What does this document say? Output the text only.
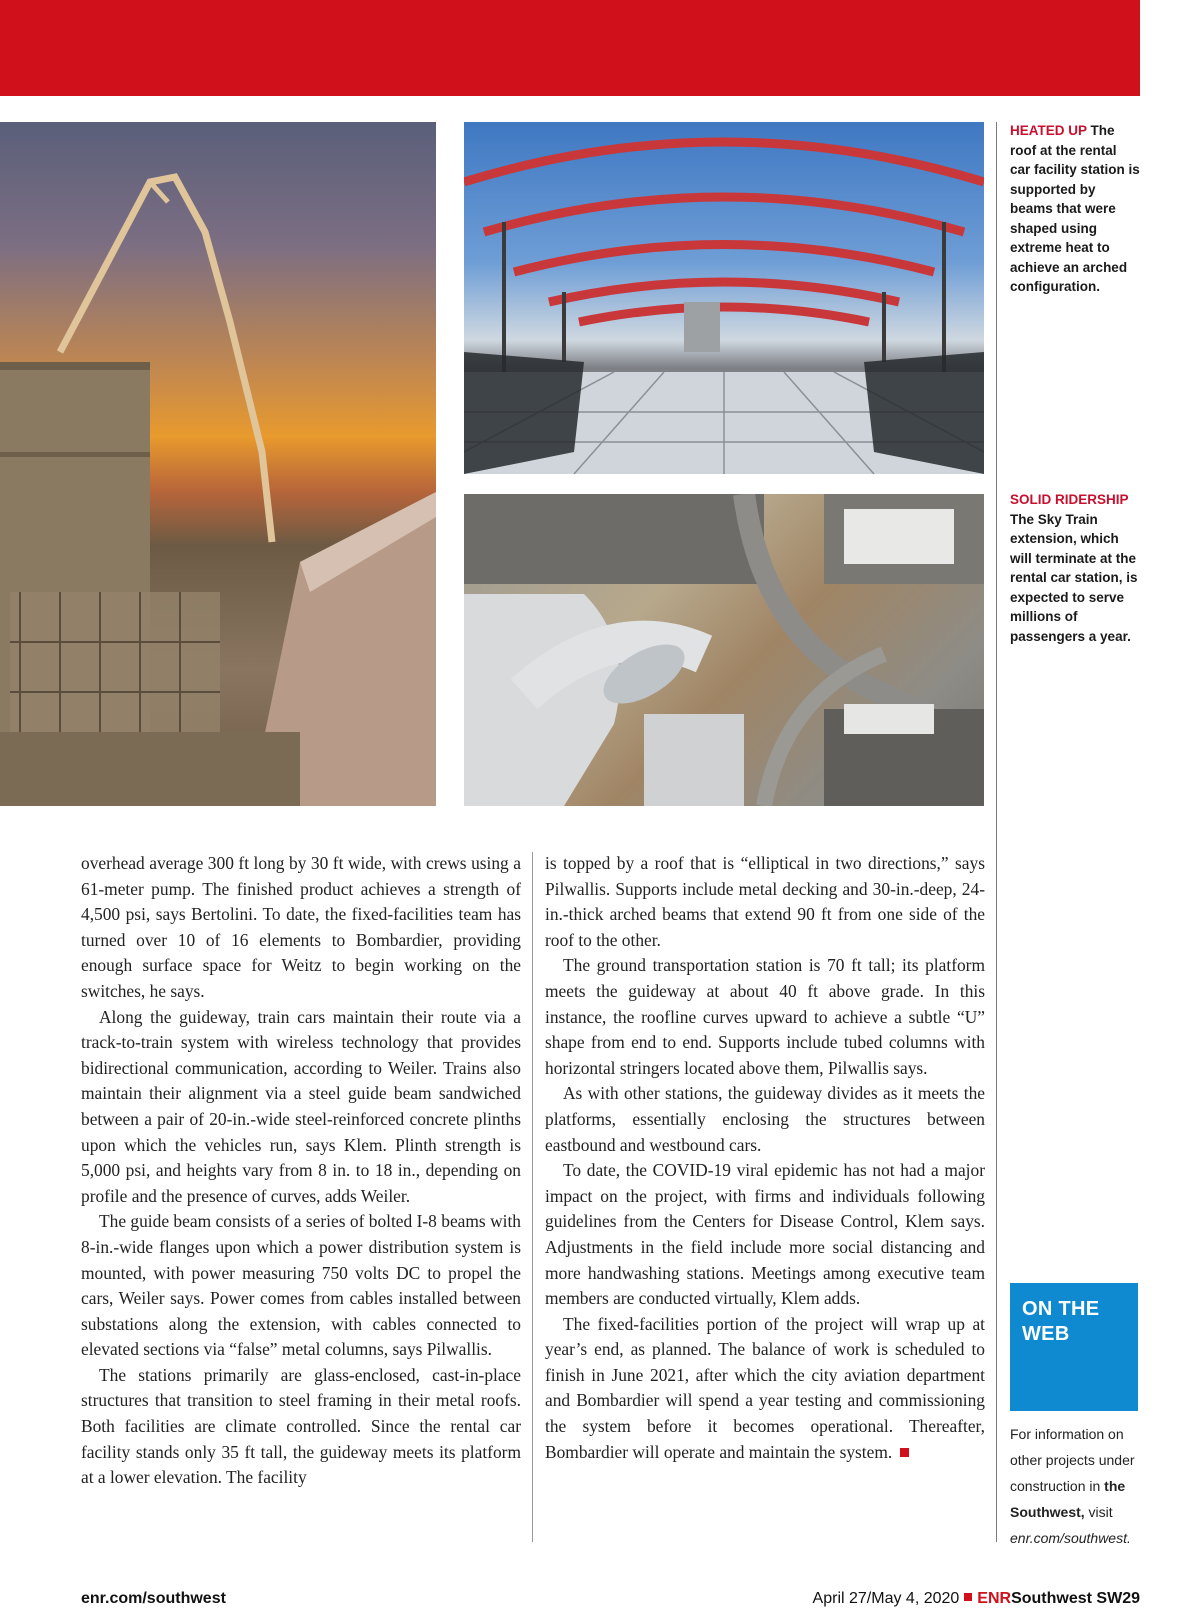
HEATED UP The roof at the rental car facility station is supported by beams that were shaped using extreme heat to achieve an arched configuration.
SOLID RIDERSHIP The Sky Train extension, which will terminate at the rental car station, is expected to serve millions of passengers a year.

overhead average 300 ft long by 30 ft wide, with crews using a 61-meter pump. The finished product achieves a strength of 4,500 psi, says Bertolini. To date, the fixed-facilities team has turned over 10 of 16 elements to Bombardier, providing enough surface space for Weitz to begin working on the switches, he says.

Along the guideway, train cars maintain their route via a track-to-train system with wireless technology that provides bidirectional communication, according to Weiler. Trains also maintain their alignment via a steel guide beam sandwiched between a pair of 20-in.-wide steel-reinforced concrete plinths upon which the vehicles run, says Klem. Plinth strength is 5,000 psi, and heights vary from 8 in. to 18 in., depending on profile and the presence of curves, adds Weiler.

The guide beam consists of a series of bolted I-8 beams with 8-in.-wide flanges upon which a power distribution system is mounted, with power measuring 750 volts DC to propel the cars, Weiler says. Power comes from cables installed between substations along the extension, with cables connected to elevated sections via “false” metal columns, says Pilwallis.

The stations primarily are glass-enclosed, cast-in-place structures that transition to steel framing in their metal roofs. Both facilities are climate controlled. Since the rental car facility stands only 35 ft tall, the guideway meets its platform at a lower elevation. The facility

is topped by a roof that is “elliptical in two directions,” says Pilwallis. Supports include metal decking and 30-in.-deep, 24-in.-thick arched beams that extend 90 ft from one side of the roof to the other.

The ground transportation station is 70 ft tall; its platform meets the guideway at about 40 ft above grade. In this instance, the roofline curves upward to achieve a subtle “U” shape from end to end. Supports include tubed columns with horizontal stringers located above them, Pilwallis says.

As with other stations, the guideway divides as it meets the platforms, essentially enclosing the structures between eastbound and westbound cars.

To date, the COVID-19 viral epidemic has not had a major impact on the project, with firms and individuals following guidelines from the Centers for Disease Control, Klem says. Adjustments in the field include more social distancing and more handwashing stations. Meetings among executive team members are conducted virtually, Klem adds.

The fixed-facilities portion of the project will wrap up at year’s end, as planned. The balance of work is scheduled to finish in June 2021, after which the city aviation department and Bombardier will spend a year testing and commissioning the system before it becomes operational. Thereafter, Bombardier will operate and maintain the system.

ON THE WEB
For information on other projects under construction in the Southwest, visit enr.com/southwest.
enr.com/southwest	April 27/May 4, 2020 ENRSouthwest SW29
